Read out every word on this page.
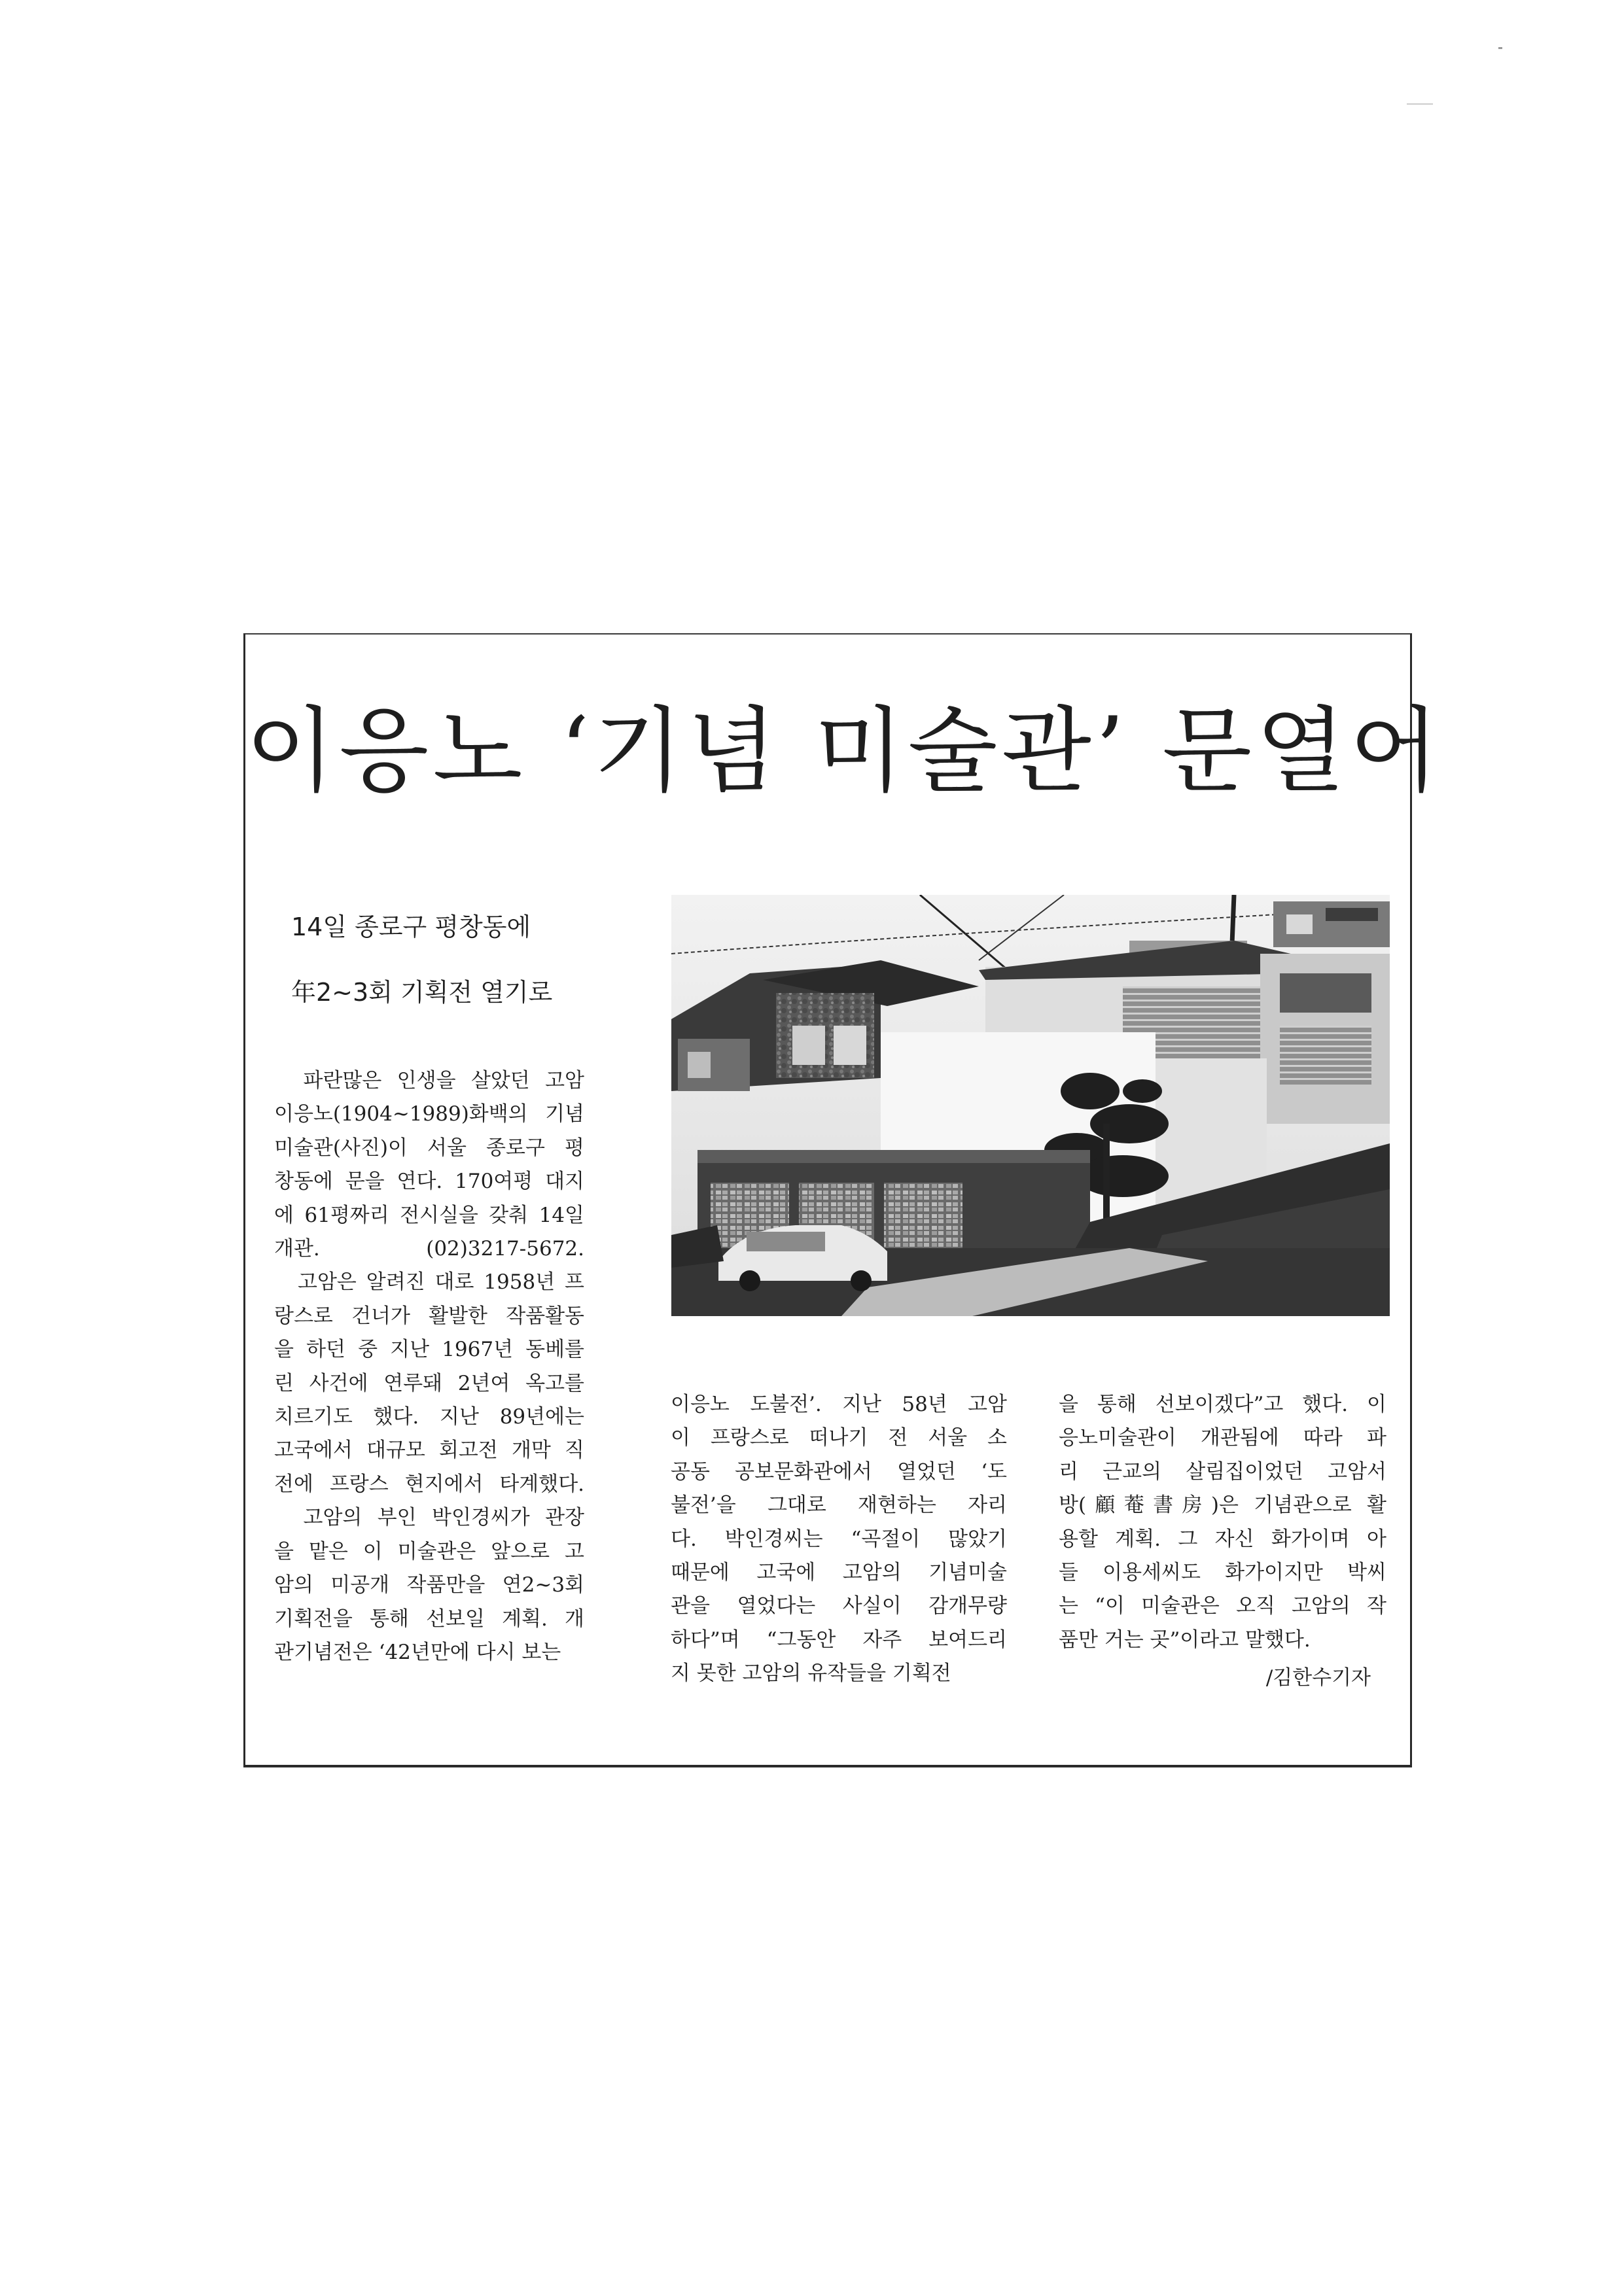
이응노 ‘기념 미술관’ 문열어
14일 종로구 평창동에
年2~3회 기획전 열기로
　파란많은 인생을 살았던 고암
이응노(1904~1989)화백의 기념
미술관(사진)이 서울 종로구 평
창동에 문을 연다. 170여평 대지
에 61평짜리 전시실을 갖춰 14일
개관. (02)3217-5672.
　고암은 알려진 대로 1958년 프
랑스로 건너가 활발한 작품활동
을 하던 중 지난 1967년 동베를
린 사건에 연루돼 2년여 옥고를
치르기도 했다. 지난 89년에는
고국에서 대규모 회고전 개막 직
전에 프랑스 현지에서 타계했다.
　고암의 부인 박인경씨가 관장
을 맡은 이 미술관은 앞으로 고
암의 미공개 작품만을 연2~3회
기획전을 통해 선보일 계획. 개
관기념전은 ‘42년만에 다시 보는
이응노 도불전’. 지난 58년 고암
이 프랑스로 떠나기 전 서울 소
공동 공보문화관에서 열었던 ‘도
불전’을 그대로 재현하는 자리
다. 박인경씨는 “곡절이 많았기
때문에 고국에 고암의 기념미술
관을 열었다는 사실이 감개무량
하다”며 “그동안 자주 보여드리
지 못한 고암의 유작들을 기획전
을 통해 선보이겠다”고 했다. 이
응노미술관이 개관됨에 따라 파
리 근교의 살림집이었던 고암서
방(顧菴書房)은 기념관으로 활
용할 계획. 그 자신 화가이며 아
들 이용세씨도 화가이지만 박씨
는 “이 미술관은 오직 고암의 작
품만 거는 곳”이라고 말했다.
/김한수기자
